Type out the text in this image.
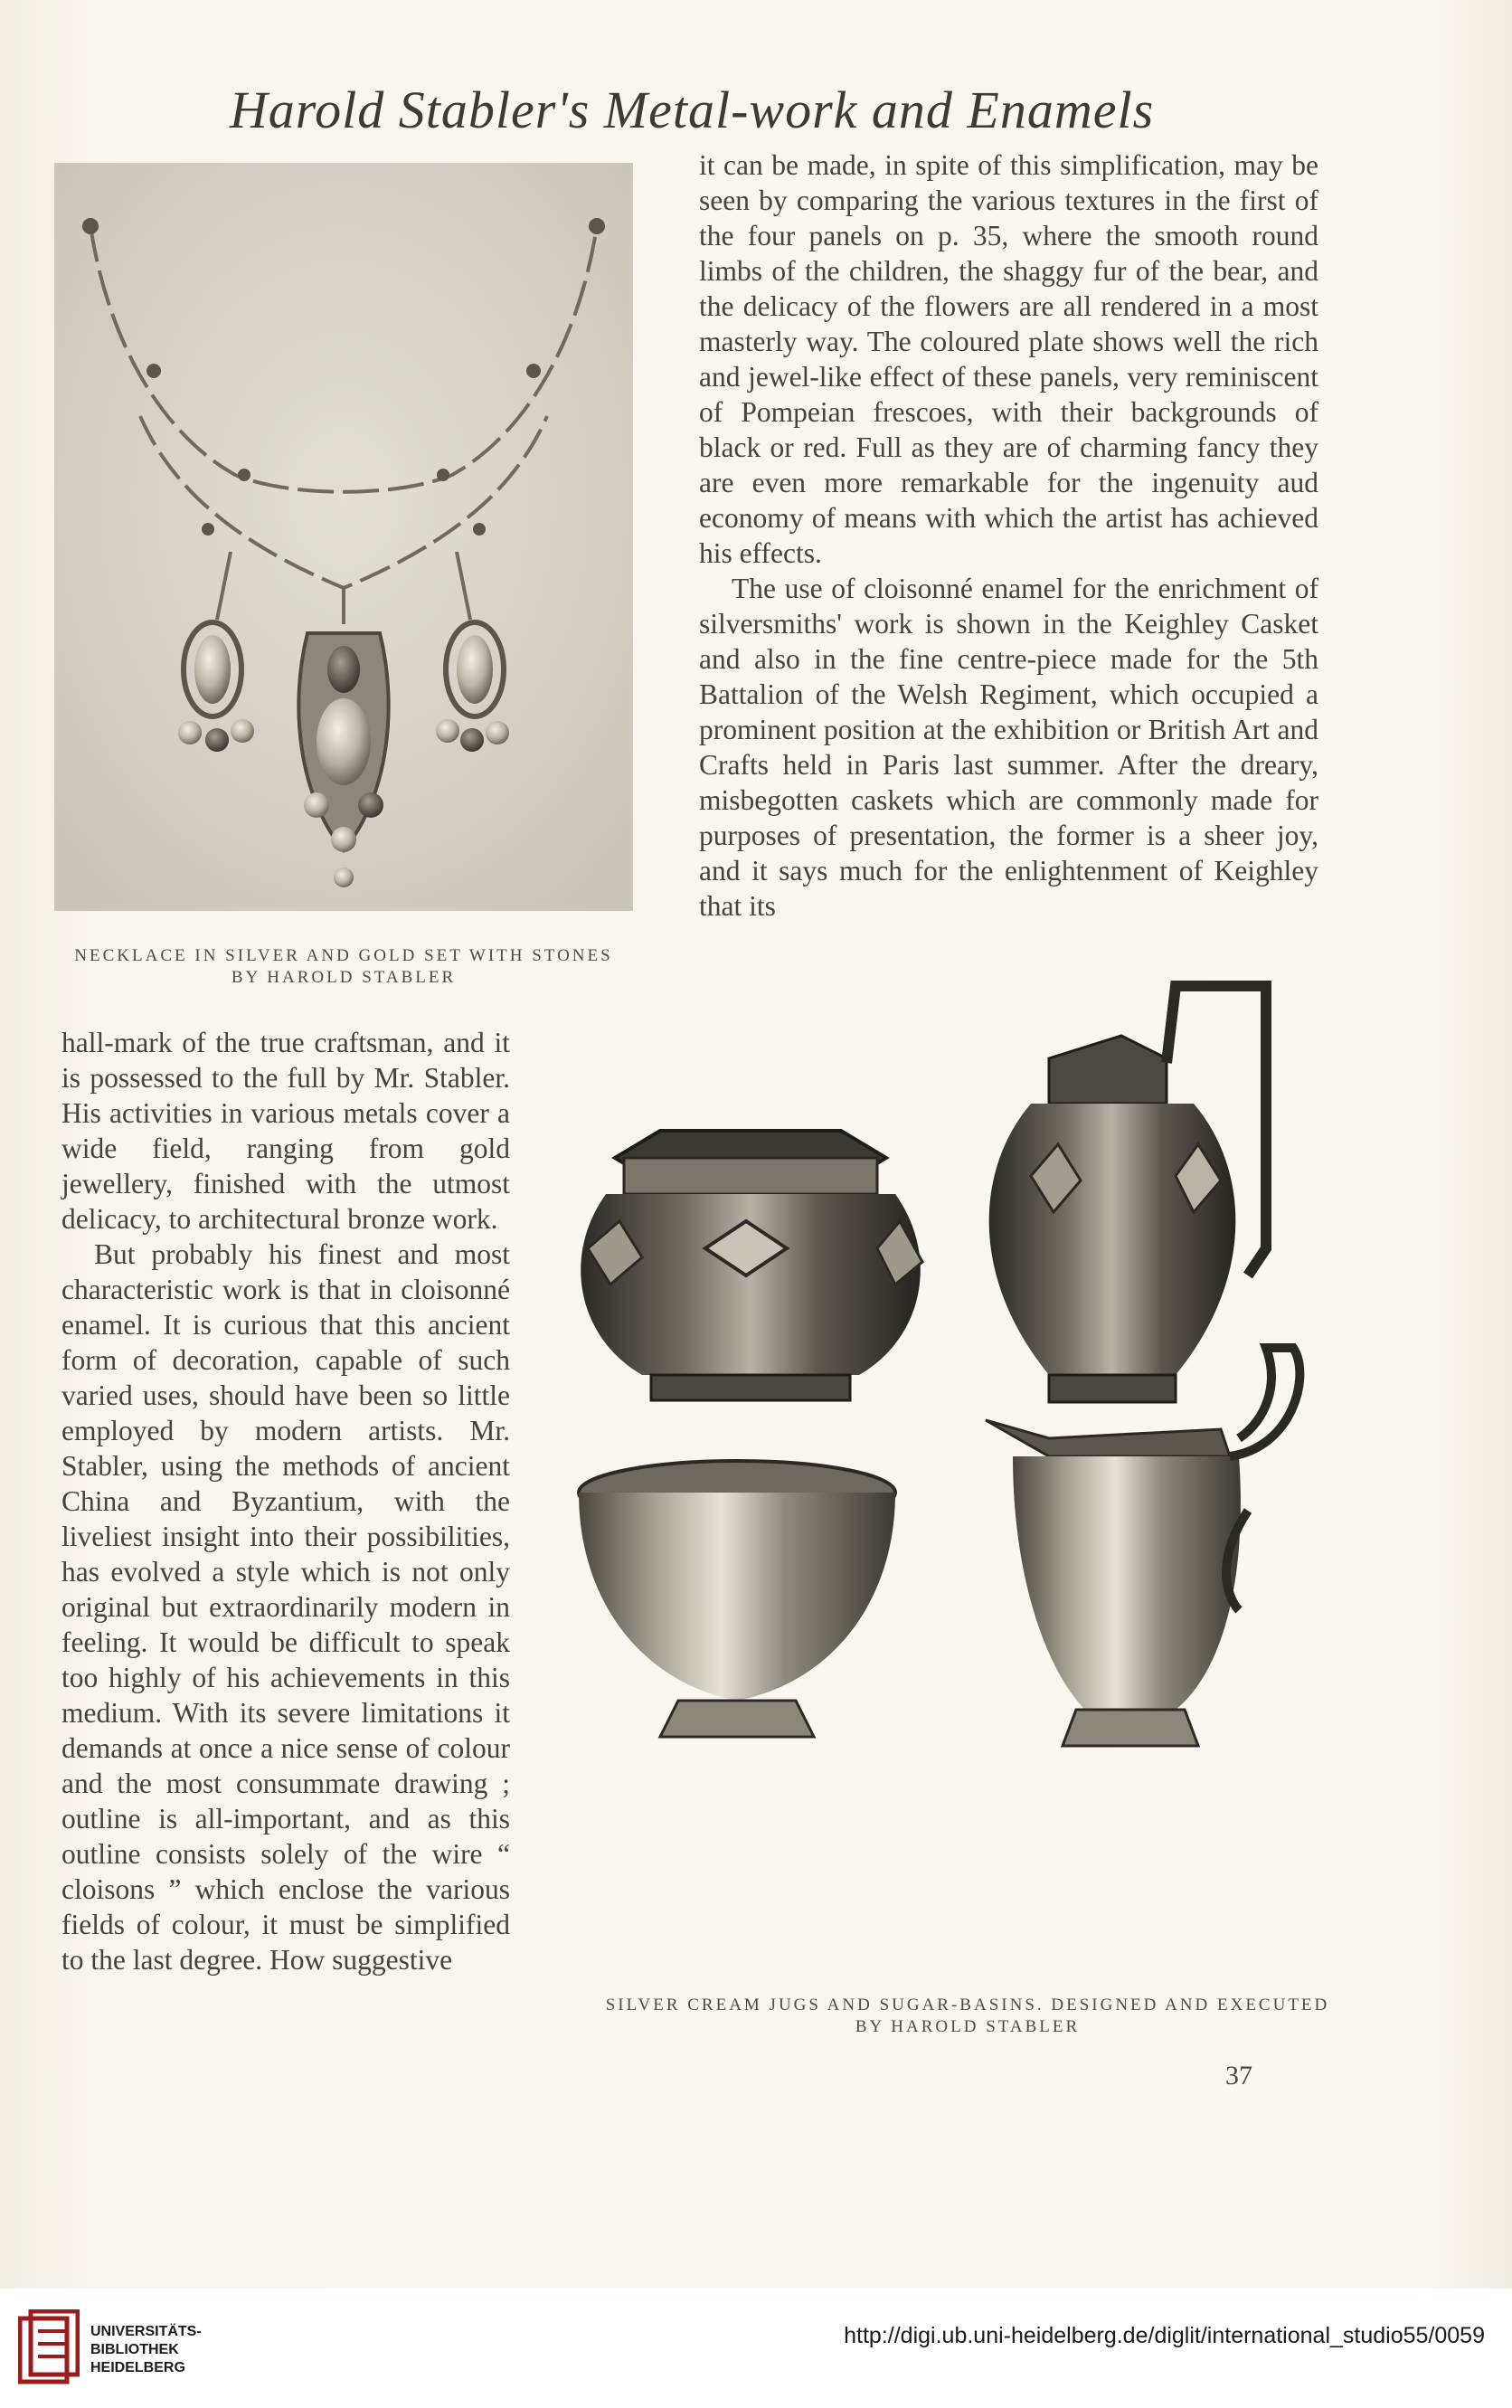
Harold Stabler's Metal-work and Enamels
NECKLACE IN SILVER AND GOLD SET WITH STONES
BY HAROLD STABLER

it can be made, in spite of this simplification, may be seen by comparing the various textures in the first of the four panels on p. 35, where the smooth round limbs of the children, the shaggy fur of the bear, and the delicacy of the flowers are all rendered in a most masterly way. The coloured plate shows well the rich and jewel-like effect of these panels, very reminiscent of Pompeian frescoes, with their backgrounds of black or red. Full as they are of charming fancy they are even more remarkable for the ingenuity aud economy of means with which the artist has achieved his effects.

The use of cloisonné enamel for the enrichment of silversmiths' work is shown in the Keighley Casket and also in the fine centre-piece made for the 5th Battalion of the Welsh Regiment, which occupied a prominent position at the exhibition or British Art and Crafts held in Paris last summer. After the dreary, misbegotten caskets which are commonly made for purposes of presentation, the former is a sheer joy, and it says much for the enlightenment of Keighley that its

hall-mark of the true craftsman, and it is possessed to the full by Mr. Stabler. His activities in various metals cover a wide field, ranging from gold jewellery, finished with the utmost delicacy, to architectural bronze work.

But probably his finest and most characteristic work is that in cloisonné enamel. It is curious that this ancient form of decoration, capable of such varied uses, should have been so little employed by modern artists. Mr. Stabler, using the methods of ancient China and Byzantium, with the liveliest insight into their possibilities, has evolved a style which is not only original but extraordinarily modern in feeling. It would be difficult to speak too highly of his achievements in this medium. With its severe limitations it demands at once a nice sense of colour and the most consummate drawing ; outline is all-important, and as this outline consists solely of the wire “ cloisons ” which enclose the various fields of colour, it must be simplified to the last degree. How suggestive

SILVER CREAM JUGS AND SUGAR-BASINS. DESIGNED AND EXECUTED
BY HAROLD STABLER
37
UNIVERSITÄTS-
BIBLIOTHEK
HEIDELBERG
http://digi.ub.uni-heidelberg.de/diglit/international_studio55/0059
